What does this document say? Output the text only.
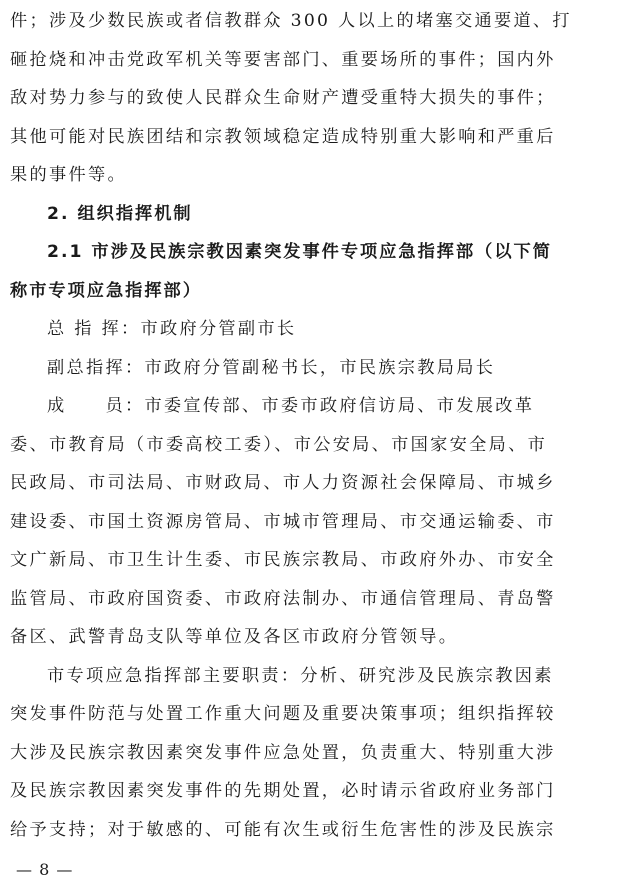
件；涉及少数民族或者信教群众 300 人以上的堵塞交通要道、打
砸抢烧和冲击党政军机关等要害部门、重要场所的事件；国内外
敌对势力参与的致使人民群众生命财产遭受重特大损失的事件；
其他可能对民族团结和宗教领域稳定造成特别重大影响和严重后
果的事件等。
2. 组织指挥机制
2.1 市涉及民族宗教因素突发事件专项应急指挥部（以下简
称市专项应急指挥部）
总 指 挥：市政府分管副市长
副总指挥：市政府分管副秘书长，市民族宗教局局长
成　　员：市委宣传部、市委市政府信访局、市发展改革
委、市教育局（市委高校工委）、市公安局、市国家安全局、市
民政局、市司法局、市财政局、市人力资源社会保障局、市城乡
建设委、市国土资源房管局、市城市管理局、市交通运输委、市
文广新局、市卫生计生委、市民族宗教局、市政府外办、市安全
监管局、市政府国资委、市政府法制办、市通信管理局、青岛警
备区、武警青岛支队等单位及各区市政府分管领导。
市专项应急指挥部主要职责：分析、研究涉及民族宗教因素
突发事件防范与处置工作重大问题及重要决策事项；组织指挥较
大涉及民族宗教因素突发事件应急处置，负责重大、特别重大涉
及民族宗教因素突发事件的先期处置，必时请示省政府业务部门
给予支持；对于敏感的、可能有次生或衍生危害性的涉及民族宗
— 8 —
